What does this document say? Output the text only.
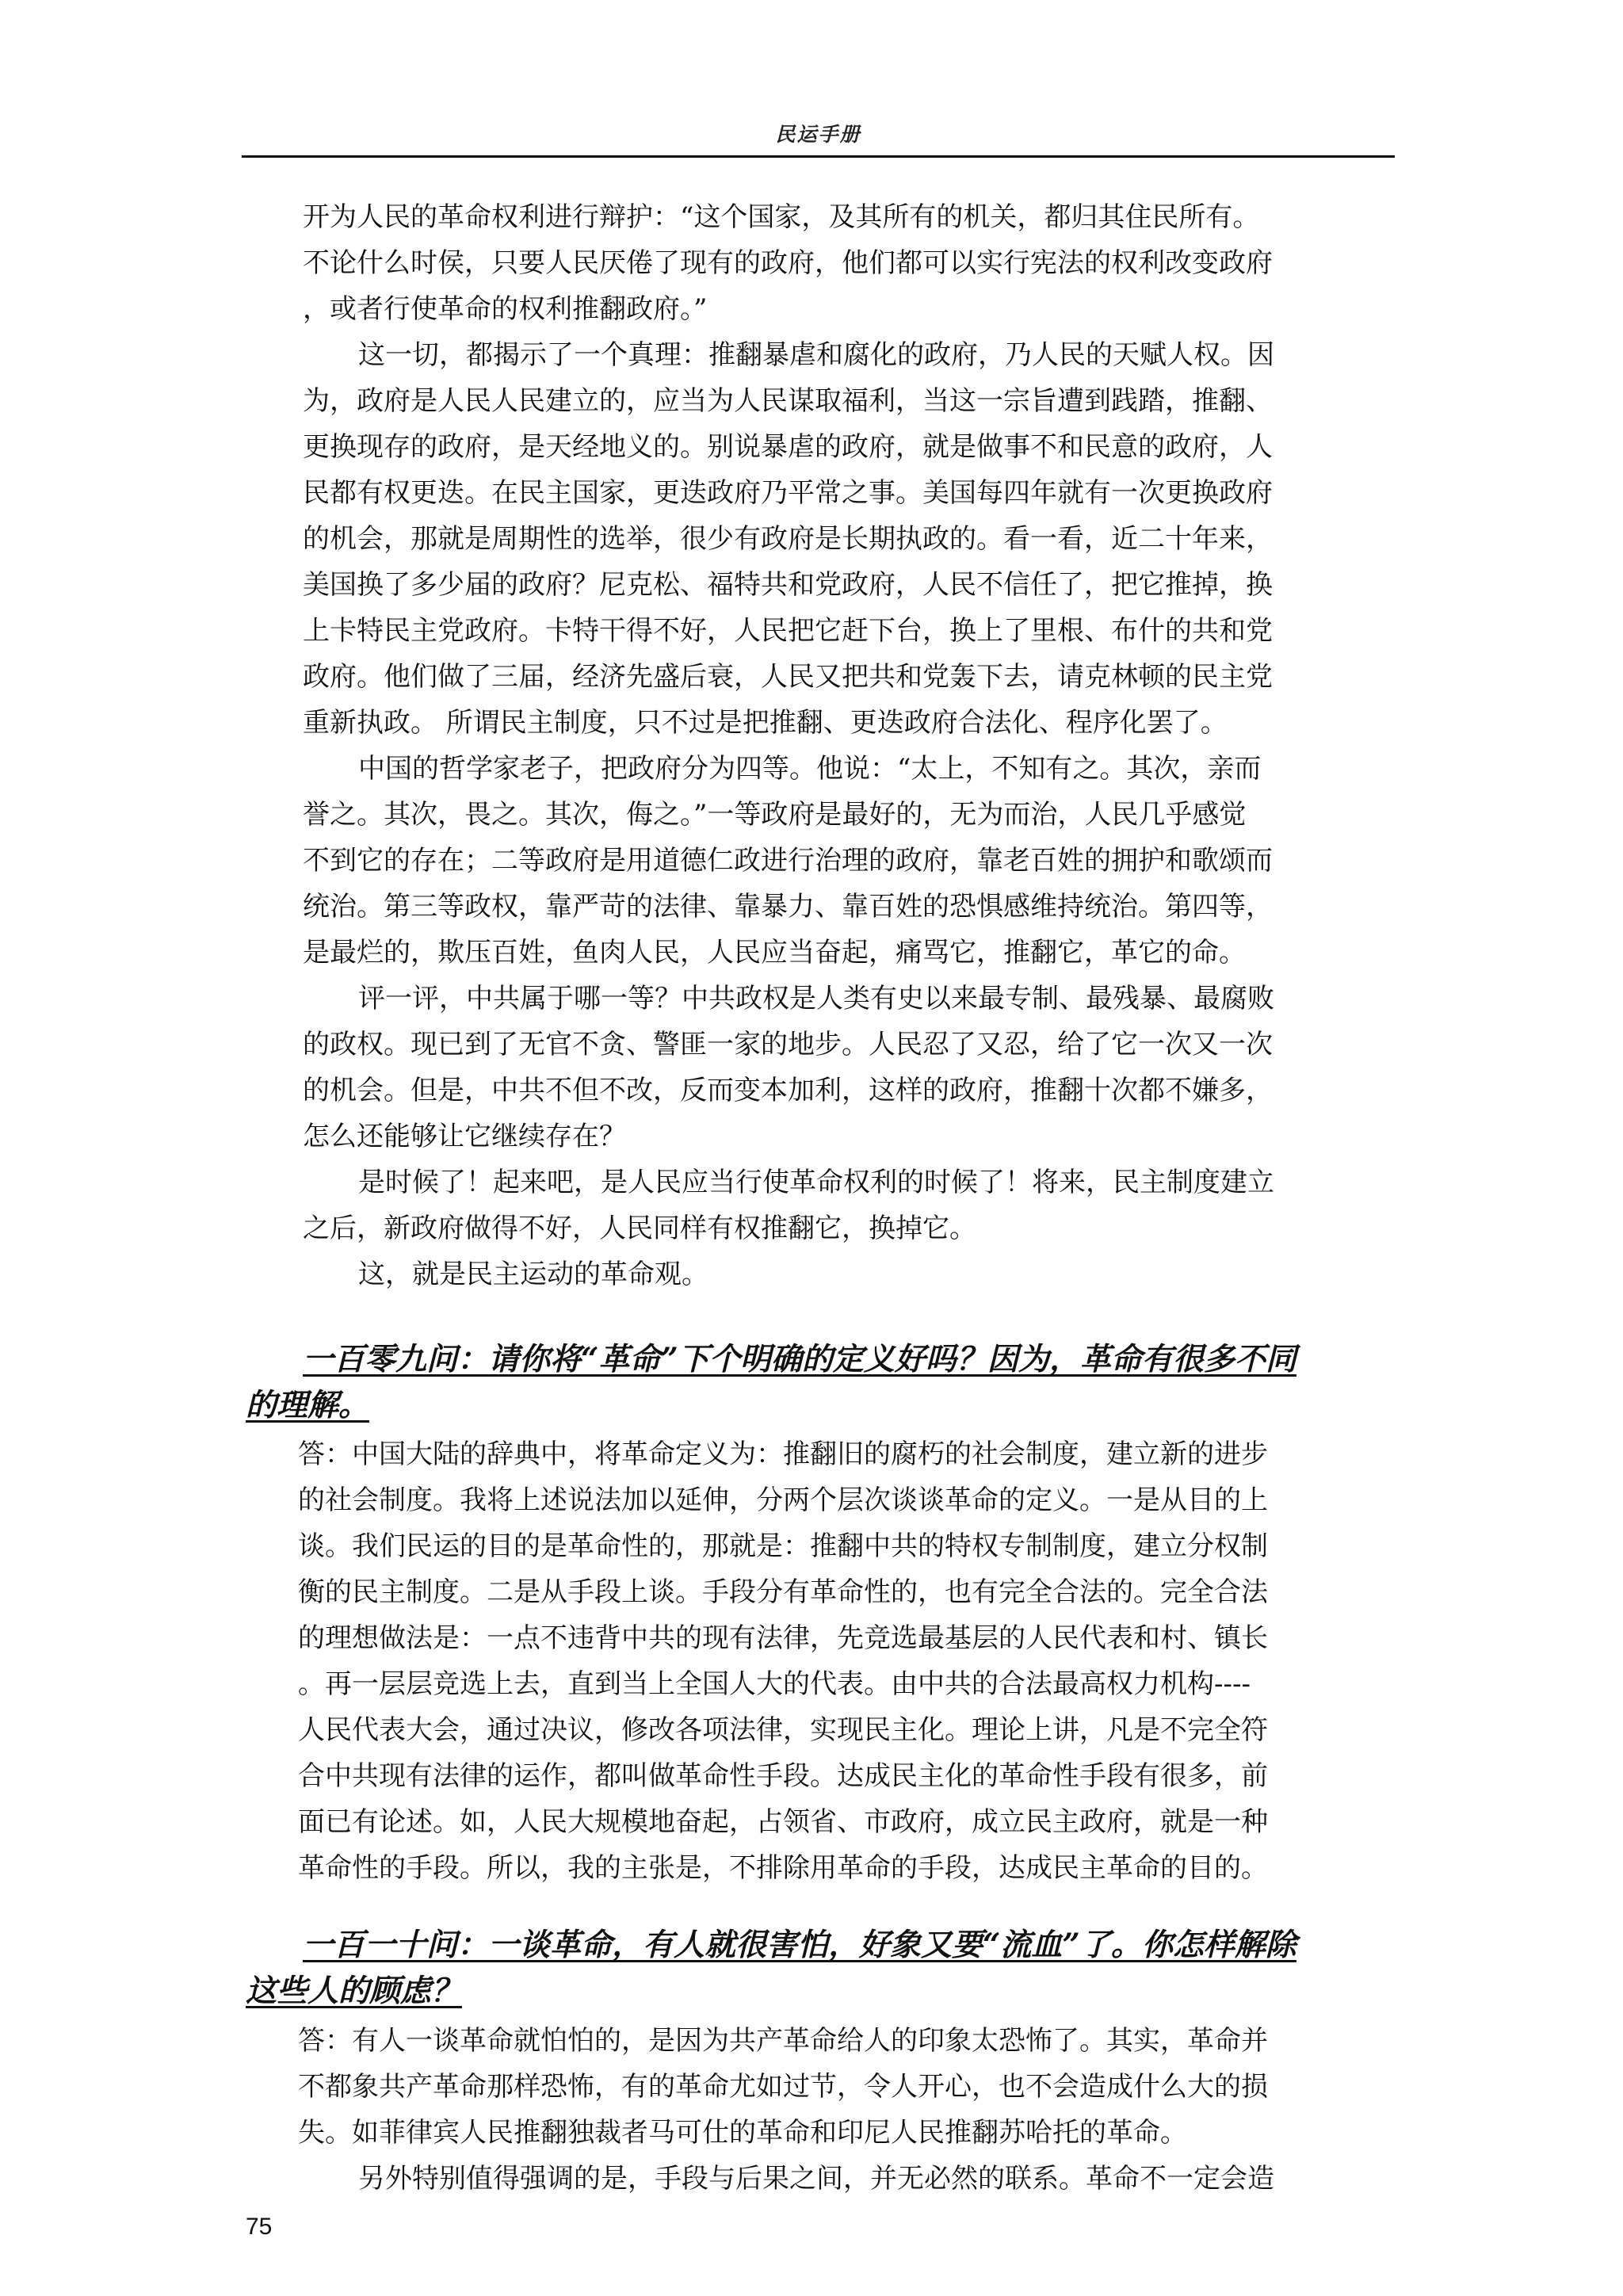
民运手册
开为人民的革命权利进行辩护：“这个国家，及其所有的机关，都归其住民所有。
不论什么时侯，只要人民厌倦了现有的政府，他们都可以实行宪法的权利改变政府
，或者行使革命的权利推翻政府。”
这一切，都揭示了一个真理：推翻暴虐和腐化的政府，乃人民的天赋人权。因
为，政府是人民人民建立的，应当为人民谋取福利，当这一宗旨遭到践踏，推翻、
更换现存的政府，是天经地义的。别说暴虐的政府，就是做事不和民意的政府，人
民都有权更迭。在民主国家，更迭政府乃平常之事。美国每四年就有一次更换政府
的机会，那就是周期性的选举，很少有政府是长期执政的。看一看，近二十年来，
美国换了多少届的政府？尼克松、福特共和党政府，人民不信任了，把它推掉，换
上卡特民主党政府。卡特干得不好，人民把它赶下台，换上了里根、布什的共和党
政府。他们做了三届，经济先盛后衰，人民又把共和党轰下去，请克林顿的民主党
重新执政。 所谓民主制度，只不过是把推翻、更迭政府合法化、程序化罢了。
中国的哲学家老子，把政府分为四等。他说：“太上，不知有之。其次，亲而
誉之。其次，畏之。其次，侮之。”一等政府是最好的，无为而治，人民几乎感觉
不到它的存在；二等政府是用道德仁政进行治理的政府，靠老百姓的拥护和歌颂而
统治。第三等政权，靠严苛的法律、靠暴力、靠百姓的恐惧感维持统治。第四等，
是最烂的，欺压百姓，鱼肉人民，人民应当奋起，痛骂它，推翻它，革它的命。
评一评，中共属于哪一等？中共政权是人类有史以来最专制、最残暴、最腐败
的政权。现已到了无官不贪、警匪一家的地步。人民忍了又忍，给了它一次又一次
的机会。但是，中共不但不改，反而变本加利，这样的政府，推翻十次都不嫌多，
怎么还能够让它继续存在？
是时候了！起来吧，是人民应当行使革命权利的时候了！将来，民主制度建立
之后，新政府做得不好，人民同样有权推翻它，换掉它。
这，就是民主运动的革命观。
一百零九问：请你将“革命”下个明确的定义好吗？因为，革命有很多不同
的理解。
答：中国大陆的辞典中，将革命定义为：推翻旧的腐朽的社会制度，建立新的进步
的社会制度。我将上述说法加以延伸，分两个层次谈谈革命的定义。一是从目的上
谈。我们民运的目的是革命性的，那就是：推翻中共的特权专制制度，建立分权制
衡的民主制度。二是从手段上谈。手段分有革命性的，也有完全合法的。完全合法
的理想做法是：一点不违背中共的现有法律，先竞选最基层的人民代表和村、镇长
。再一层层竞选上去，直到当上全国人大的代表。由中共的合法最高权力机构----
人民代表大会，通过决议，修改各项法律，实现民主化。理论上讲，凡是不完全符
合中共现有法律的运作，都叫做革命性手段。达成民主化的革命性手段有很多，前
面已有论述。如，人民大规模地奋起，占领省、市政府，成立民主政府，就是一种
革命性的手段。所以，我的主张是，不排除用革命的手段，达成民主革命的目的。
一百一十问：一谈革命，有人就很害怕，好象又要“流血”了。你怎样解除
这些人的顾虑？
答：有人一谈革命就怕怕的，是因为共产革命给人的印象太恐怖了。其实，革命并
不都象共产革命那样恐怖，有的革命尤如过节，令人开心，也不会造成什么大的损
失。如菲律宾人民推翻独裁者马可仕的革命和印尼人民推翻苏哈托的革命。
另外特别值得强调的是，手段与后果之间，并无必然的联系。革命不一定会造
75
